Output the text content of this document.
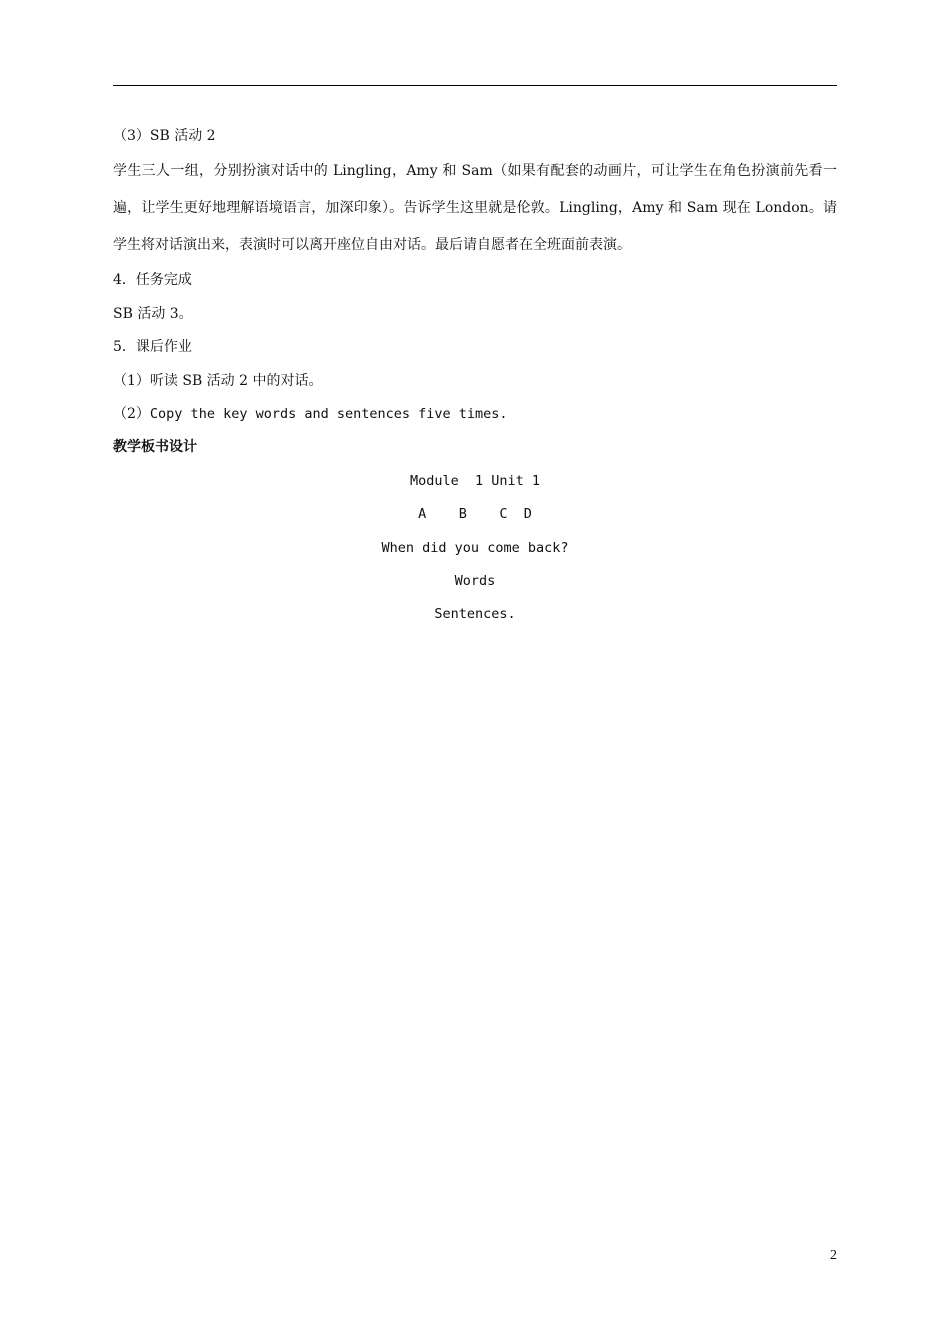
（3）SB 活动 2
学生三人一组，分别扮演对话中的 Lingling，Amy 和 Sam（如果有配套的动画片，可让学生在角色扮演前先看一遍，让学生更好地理解语境语言，加深印象）。告诉学生这里就是伦敦。Lingling，Amy 和 Sam 现在 London。请学生将对话演出来，表演时可以离开座位自由对话。最后请自愿者在全班面前表演。
4．任务完成
SB 活动 3。
5．课后作业
（1）听读 SB 活动 2 中的对话。
（2）Copy the key words and sentences five times.
教学板书设计
Module  1 Unit 1
A    B    C  D
When did you come back?
Words
Sentences.
2
